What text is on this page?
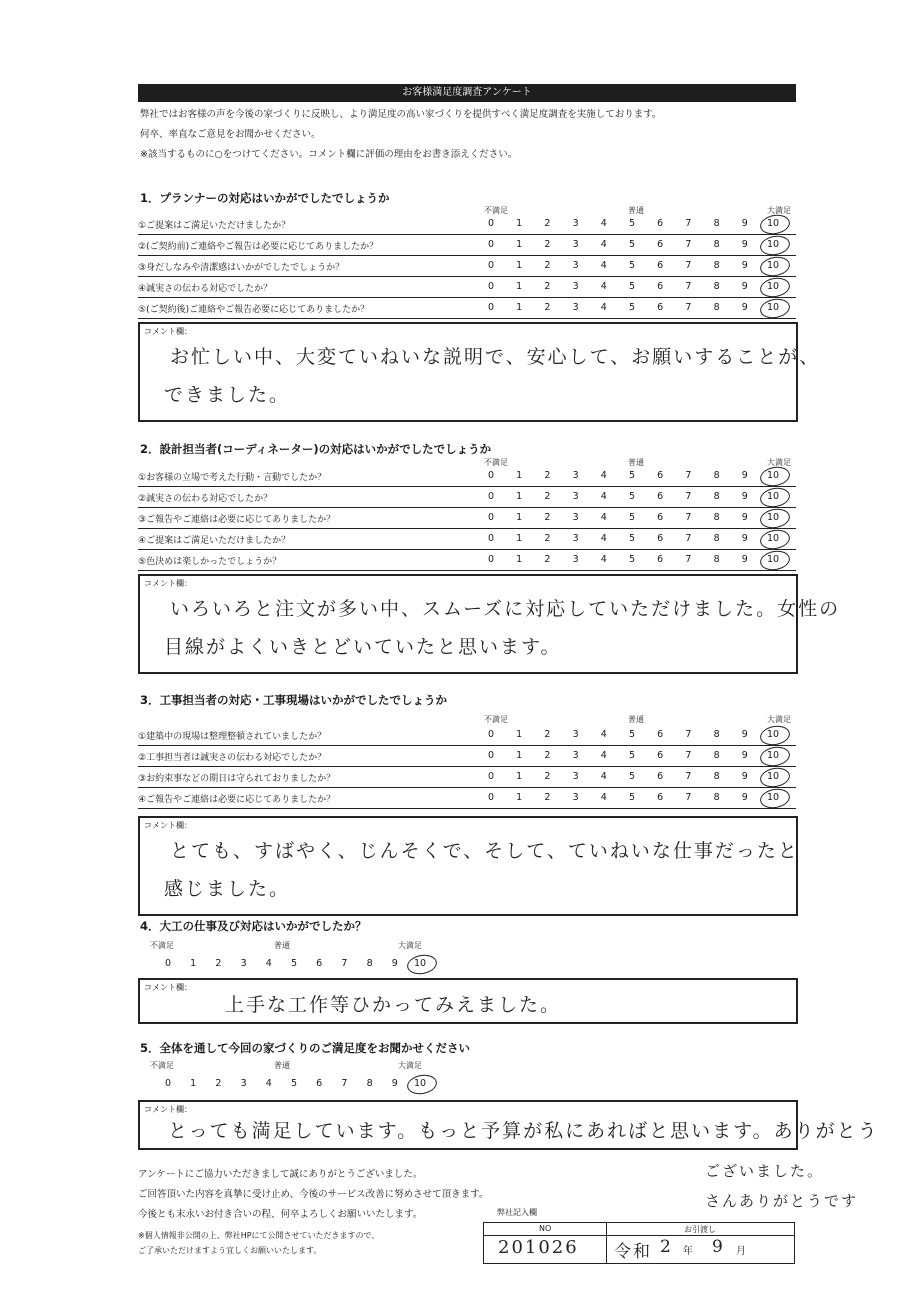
お客様満足度調査アンケート
弊社ではお客様の声を今後の家づくりに反映し、より満足度の高い家づくりを提供すべく満足度調査を実施しております。
何卒、率直なご意見をお聞かせください。
※該当するものに○をつけてください。コメント欄に評価の理由をお書き添えください。
1．プランナーの対応はいかがでしたでしょうか
不満足	普通	大満足
①ご提案はご満足いただけましたか？	0	1	2	3	4	5	6	7	8	9	10
②(ご契約前)ご連絡やご報告は必要に応じてありましたか？	0	1	2	3	4	5	6	7	8	9	10
③身だしなみや清潔感はいかがでしたでしょうか？	0	1	2	3	4	5	6	7	8	9	10
④誠実さの伝わる対応でしたか？	0	1	2	3	4	5	6	7	8	9	10
⑤(ご契約後)ご連絡やご報告必要に応じてありましたか？	0	1	2	3	4	5	6	7	8	9	10
コメント欄：
お忙しい中、大変ていねいな説明で、安心して、お願いすることが、
できました。
2．設計担当者(コーディネーター)の対応はいかがでしたでしょうか
不満足	普通	大満足
①お客様の立場で考えた行動・言動でしたか？	0	1	2	3	4	5	6	7	8	9	10
②誠実さの伝わる対応でしたか？	0	1	2	3	4	5	6	7	8	9	10
③ご報告やご連絡は必要に応じてありましたか？	0	1	2	3	4	5	6	7	8	9	10
④ご提案はご満足いただけましたか？	0	1	2	3	4	5	6	7	8	9	10
⑤色決めは楽しかったでしょうか？	0	1	2	3	4	5	6	7	8	9	10
コメント欄：
いろいろと注文が多い中、スムーズに対応していただけました。女性の
目線がよくいきとどいていたと思います。
3．工事担当者の対応・工事現場はいかがでしたでしょうか
不満足	普通	大満足
①建築中の現場は整理整頓されていましたか？	0	1	2	3	4	5	6	7	8	9	10
②工事担当者は誠実さの伝わる対応でしたか？	0	1	2	3	4	5	6	7	8	9	10
③お約束事などの期日は守られておりましたか？	0	1	2	3	4	5	6	7	8	9	10
④ご報告やご連絡は必要に応じてありましたか？	0	1	2	3	4	5	6	7	8	9	10
コメント欄：
とても、すばやく、じんそくで、そして、ていねいな仕事だったと
感じました。
4．大工の仕事及び対応はいかがでしたか？
不満足	普通	大満足
0	1	2	3	4	5	6	7	8	9	10
コメント欄：
上手な工作等ひかってみえました。
5．全体を通して今回の家づくりのご満足度をお聞かせください
不満足	普通	大満足
0	1	2	3	4	5	6	7	8	9	10
コメント欄：
とっても満足しています。もっと予算が私にあればと思います。ありがとう
アンケートにご協力いただきまして誠にありがとうございました。
ご回答頂いた内容を真摯に受け止め、今後のサービス改善に努めさせて頂きます。
今後とも末永いお付き合いの程、何卒よろしくお願いいたします。
※個人情報非公開の上、弊社HPにて公開させていただきますので、
ご了承いただけますよう宜しくお願いいたします。
ございました。
さんありがとうです
弊社記入欄
NO	お引渡し
201026 令和 2 年 9 月
